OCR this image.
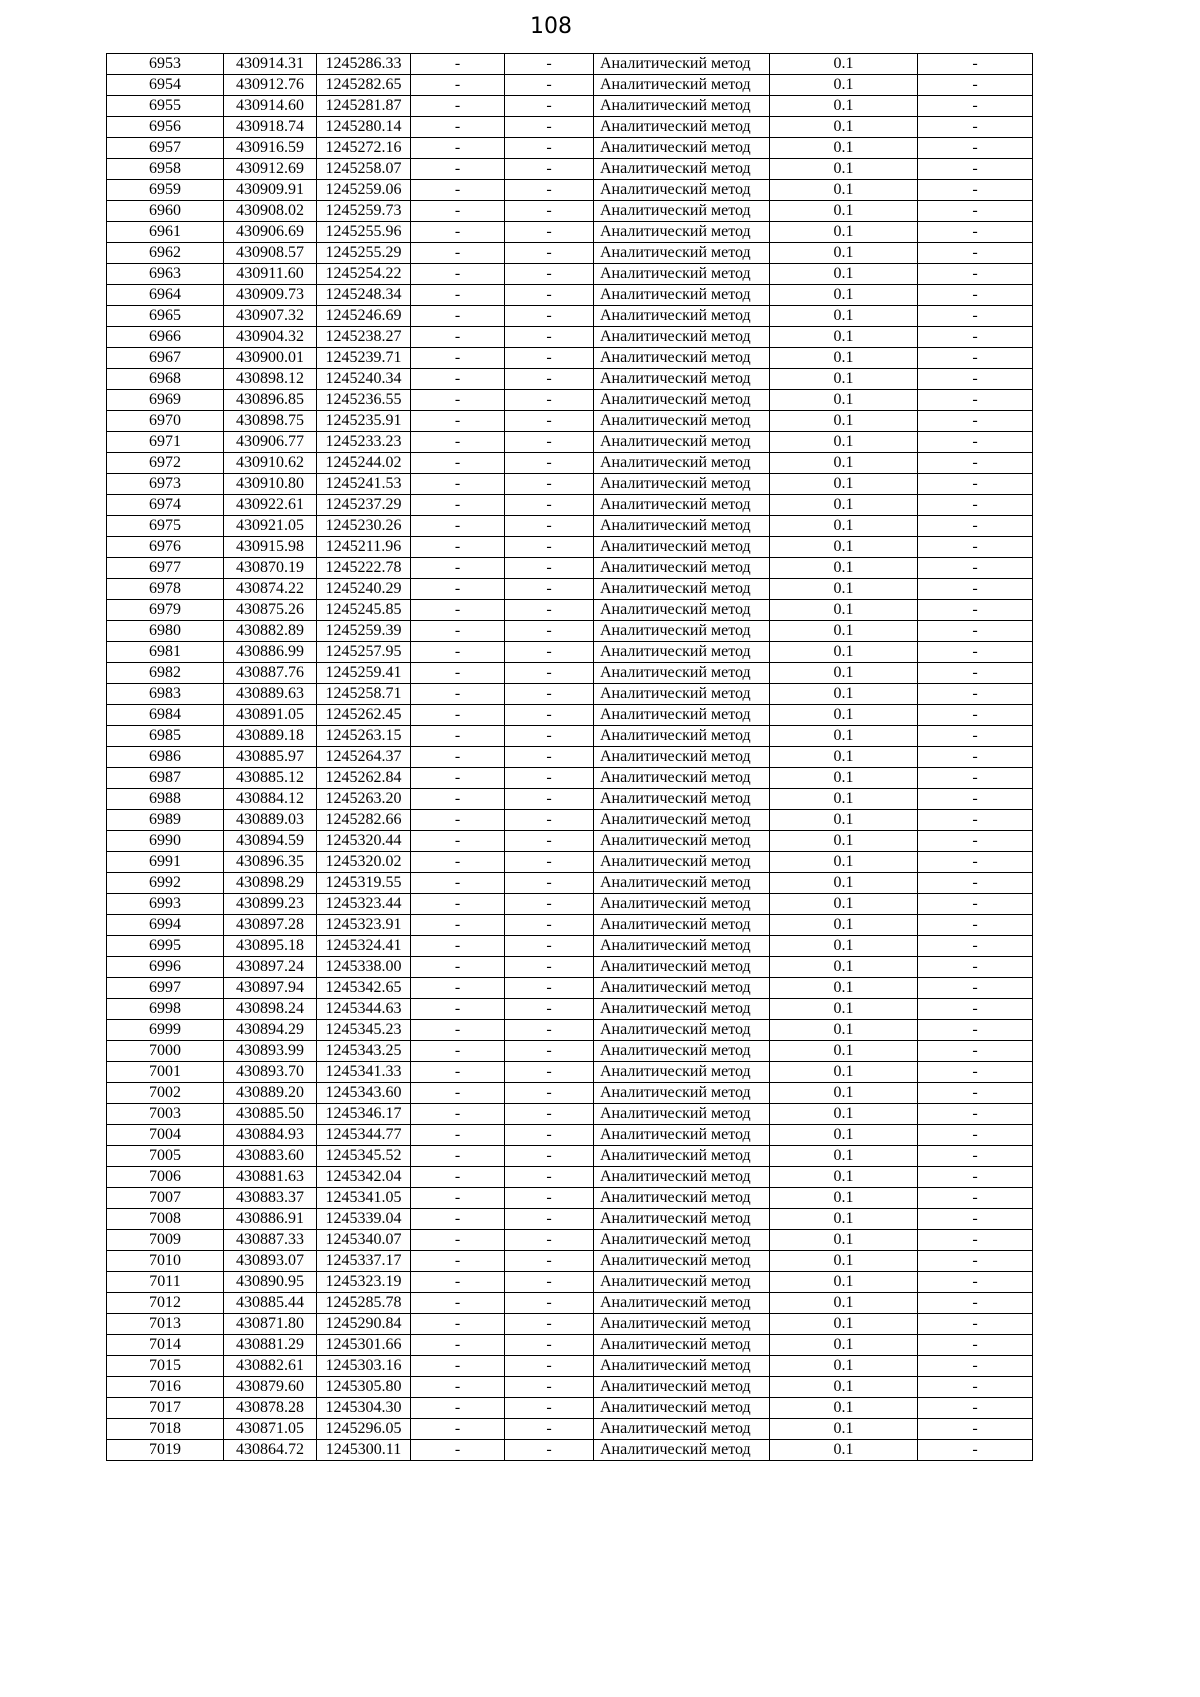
108
6953	430914.31	1245286.33	-	-	Аналитический метод	0.1	-
6954	430912.76	1245282.65	-	-	Аналитический метод	0.1	-
6955	430914.60	1245281.87	-	-	Аналитический метод	0.1	-
6956	430918.74	1245280.14	-	-	Аналитический метод	0.1	-
6957	430916.59	1245272.16	-	-	Аналитический метод	0.1	-
6958	430912.69	1245258.07	-	-	Аналитический метод	0.1	-
6959	430909.91	1245259.06	-	-	Аналитический метод	0.1	-
6960	430908.02	1245259.73	-	-	Аналитический метод	0.1	-
6961	430906.69	1245255.96	-	-	Аналитический метод	0.1	-
6962	430908.57	1245255.29	-	-	Аналитический метод	0.1	-
6963	430911.60	1245254.22	-	-	Аналитический метод	0.1	-
6964	430909.73	1245248.34	-	-	Аналитический метод	0.1	-
6965	430907.32	1245246.69	-	-	Аналитический метод	0.1	-
6966	430904.32	1245238.27	-	-	Аналитический метод	0.1	-
6967	430900.01	1245239.71	-	-	Аналитический метод	0.1	-
6968	430898.12	1245240.34	-	-	Аналитический метод	0.1	-
6969	430896.85	1245236.55	-	-	Аналитический метод	0.1	-
6970	430898.75	1245235.91	-	-	Аналитический метод	0.1	-
6971	430906.77	1245233.23	-	-	Аналитический метод	0.1	-
6972	430910.62	1245244.02	-	-	Аналитический метод	0.1	-
6973	430910.80	1245241.53	-	-	Аналитический метод	0.1	-
6974	430922.61	1245237.29	-	-	Аналитический метод	0.1	-
6975	430921.05	1245230.26	-	-	Аналитический метод	0.1	-
6976	430915.98	1245211.96	-	-	Аналитический метод	0.1	-
6977	430870.19	1245222.78	-	-	Аналитический метод	0.1	-
6978	430874.22	1245240.29	-	-	Аналитический метод	0.1	-
6979	430875.26	1245245.85	-	-	Аналитический метод	0.1	-
6980	430882.89	1245259.39	-	-	Аналитический метод	0.1	-
6981	430886.99	1245257.95	-	-	Аналитический метод	0.1	-
6982	430887.76	1245259.41	-	-	Аналитический метод	0.1	-
6983	430889.63	1245258.71	-	-	Аналитический метод	0.1	-
6984	430891.05	1245262.45	-	-	Аналитический метод	0.1	-
6985	430889.18	1245263.15	-	-	Аналитический метод	0.1	-
6986	430885.97	1245264.37	-	-	Аналитический метод	0.1	-
6987	430885.12	1245262.84	-	-	Аналитический метод	0.1	-
6988	430884.12	1245263.20	-	-	Аналитический метод	0.1	-
6989	430889.03	1245282.66	-	-	Аналитический метод	0.1	-
6990	430894.59	1245320.44	-	-	Аналитический метод	0.1	-
6991	430896.35	1245320.02	-	-	Аналитический метод	0.1	-
6992	430898.29	1245319.55	-	-	Аналитический метод	0.1	-
6993	430899.23	1245323.44	-	-	Аналитический метод	0.1	-
6994	430897.28	1245323.91	-	-	Аналитический метод	0.1	-
6995	430895.18	1245324.41	-	-	Аналитический метод	0.1	-
6996	430897.24	1245338.00	-	-	Аналитический метод	0.1	-
6997	430897.94	1245342.65	-	-	Аналитический метод	0.1	-
6998	430898.24	1245344.63	-	-	Аналитический метод	0.1	-
6999	430894.29	1245345.23	-	-	Аналитический метод	0.1	-
7000	430893.99	1245343.25	-	-	Аналитический метод	0.1	-
7001	430893.70	1245341.33	-	-	Аналитический метод	0.1	-
7002	430889.20	1245343.60	-	-	Аналитический метод	0.1	-
7003	430885.50	1245346.17	-	-	Аналитический метод	0.1	-
7004	430884.93	1245344.77	-	-	Аналитический метод	0.1	-
7005	430883.60	1245345.52	-	-	Аналитический метод	0.1	-
7006	430881.63	1245342.04	-	-	Аналитический метод	0.1	-
7007	430883.37	1245341.05	-	-	Аналитический метод	0.1	-
7008	430886.91	1245339.04	-	-	Аналитический метод	0.1	-
7009	430887.33	1245340.07	-	-	Аналитический метод	0.1	-
7010	430893.07	1245337.17	-	-	Аналитический метод	0.1	-
7011	430890.95	1245323.19	-	-	Аналитический метод	0.1	-
7012	430885.44	1245285.78	-	-	Аналитический метод	0.1	-
7013	430871.80	1245290.84	-	-	Аналитический метод	0.1	-
7014	430881.29	1245301.66	-	-	Аналитический метод	0.1	-
7015	430882.61	1245303.16	-	-	Аналитический метод	0.1	-
7016	430879.60	1245305.80	-	-	Аналитический метод	0.1	-
7017	430878.28	1245304.30	-	-	Аналитический метод	0.1	-
7018	430871.05	1245296.05	-	-	Аналитический метод	0.1	-
7019	430864.72	1245300.11	-	-	Аналитический метод	0.1	-
